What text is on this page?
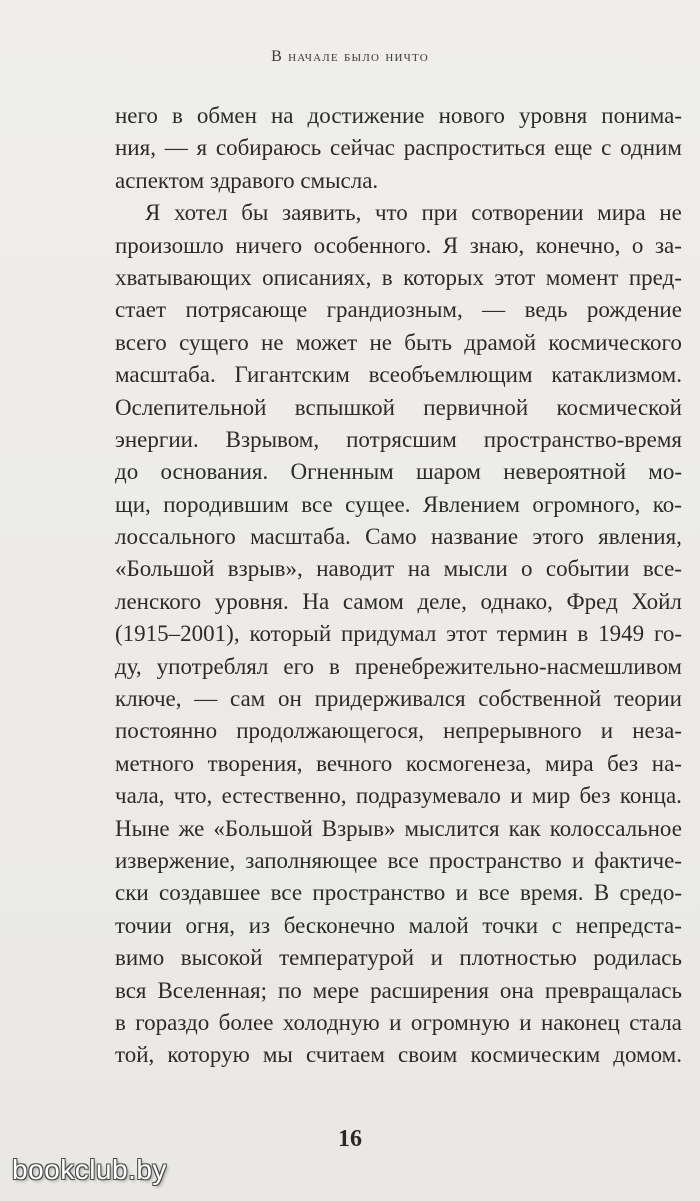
В начале было ничто
него в обмен на достижение нового уровня понима-
ния, — я собираюсь сейчас распроститься еще с одним
аспектом здравого смысла.
Я хотел бы заявить, что при сотворении мира не
произошло ничего особенного. Я знаю, конечно, о за-
хватывающих описаниях, в которых этот момент пред-
стает потрясающе грандиозным, — ведь рождение
всего сущего не может не быть драмой космического
масштаба. Гигантским всеобъемлющим катаклизмом.
Ослепительной вспышкой первичной космической
энергии. Взрывом, потрясшим пространство-время
до основания. Огненным шаром невероятной мо-
щи, породившим все сущее. Явлением огромного, ко-
лоссального масштаба. Само название этого явления,
«Большой взрыв», наводит на мысли о событии все-
ленского уровня. На самом деле, однако, Фред Хойл
(1915–2001), который придумал этот термин в 1949 го-
ду, употреблял его в пренебрежительно-насмешливом
ключе, — сам он придерживался собственной теории
постоянно продолжающегося, непрерывного и неза-
метного творения, вечного космогенеза, мира без на-
чала, что, естественно, подразумевало и мир без конца.
Ныне же «Большой Взрыв» мыслится как колоссальное
извержение, заполняющее все пространство и фактиче-
ски создавшее все пространство и все время. В средо-
точии огня, из бесконечно малой точки с непредста-
вимо высокой температурой и плотностью родилась
вся Вселенная; по мере расширения она превращалась
в гораздо более холодную и огромную и наконец стала
той, которую мы считаем своим космическим домом.
16
bookclub.by
